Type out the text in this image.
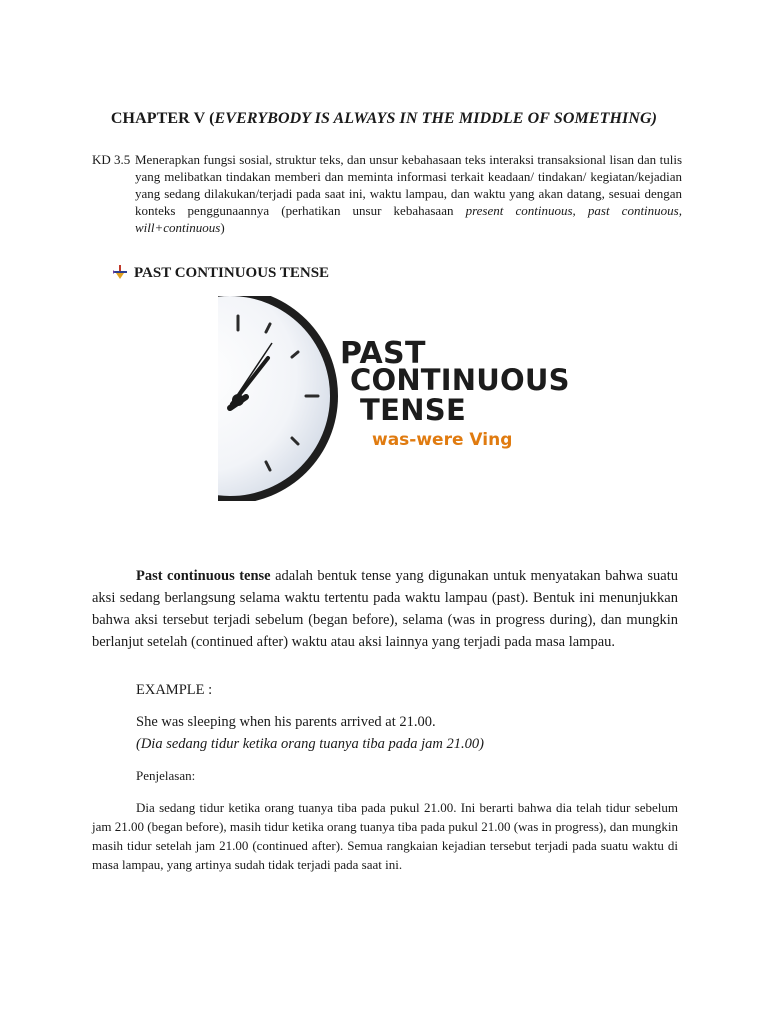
CHAPTER V (EVERYBODY IS ALWAYS IN THE MIDDLE OF SOMETHING)
KD 3.5 Menerapkan fungsi sosial, struktur teks, dan unsur kebahasaan teks interaksi transaksional lisan dan tulis yang melibatkan tindakan memberi dan meminta informasi terkait keadaan/ tindakan/ kegiatan/kejadian yang sedang dilakukan/terjadi pada saat ini, waktu lampau, dan waktu yang akan datang, sesuai dengan konteks penggunaannya (perhatikan unsur kebahasaan present continuous, past continuous, will+continuous)
PAST CONTINUOUS TENSE
PAST
CONTINUOUS
TENSE
was-were Ving
Past continuous tense adalah bentuk tense yang digunakan untuk menyatakan bahwa suatu aksi sedang berlangsung selama waktu tertentu pada waktu lampau (past). Bentuk ini menunjukkan bahwa aksi tersebut terjadi sebelum (began before), selama (was in progress during), dan mungkin berlanjut setelah (continued after) waktu atau aksi lainnya yang terjadi pada masa lampau.
EXAMPLE :
She was sleeping when his parents arrived at 21.00.
(Dia sedang tidur ketika orang tuanya tiba pada jam 21.00)
Penjelasan:
Dia sedang tidur ketika orang tuanya tiba pada pukul 21.00. Ini berarti bahwa dia telah tidur sebelum jam 21.00 (began before), masih tidur ketika orang tuanya tiba pada pukul 21.00 (was in progress), dan mungkin masih tidur setelah jam 21.00 (continued after). Semua rangkaian kejadian tersebut terjadi pada suatu waktu di masa lampau, yang artinya sudah tidak terjadi pada saat ini.
